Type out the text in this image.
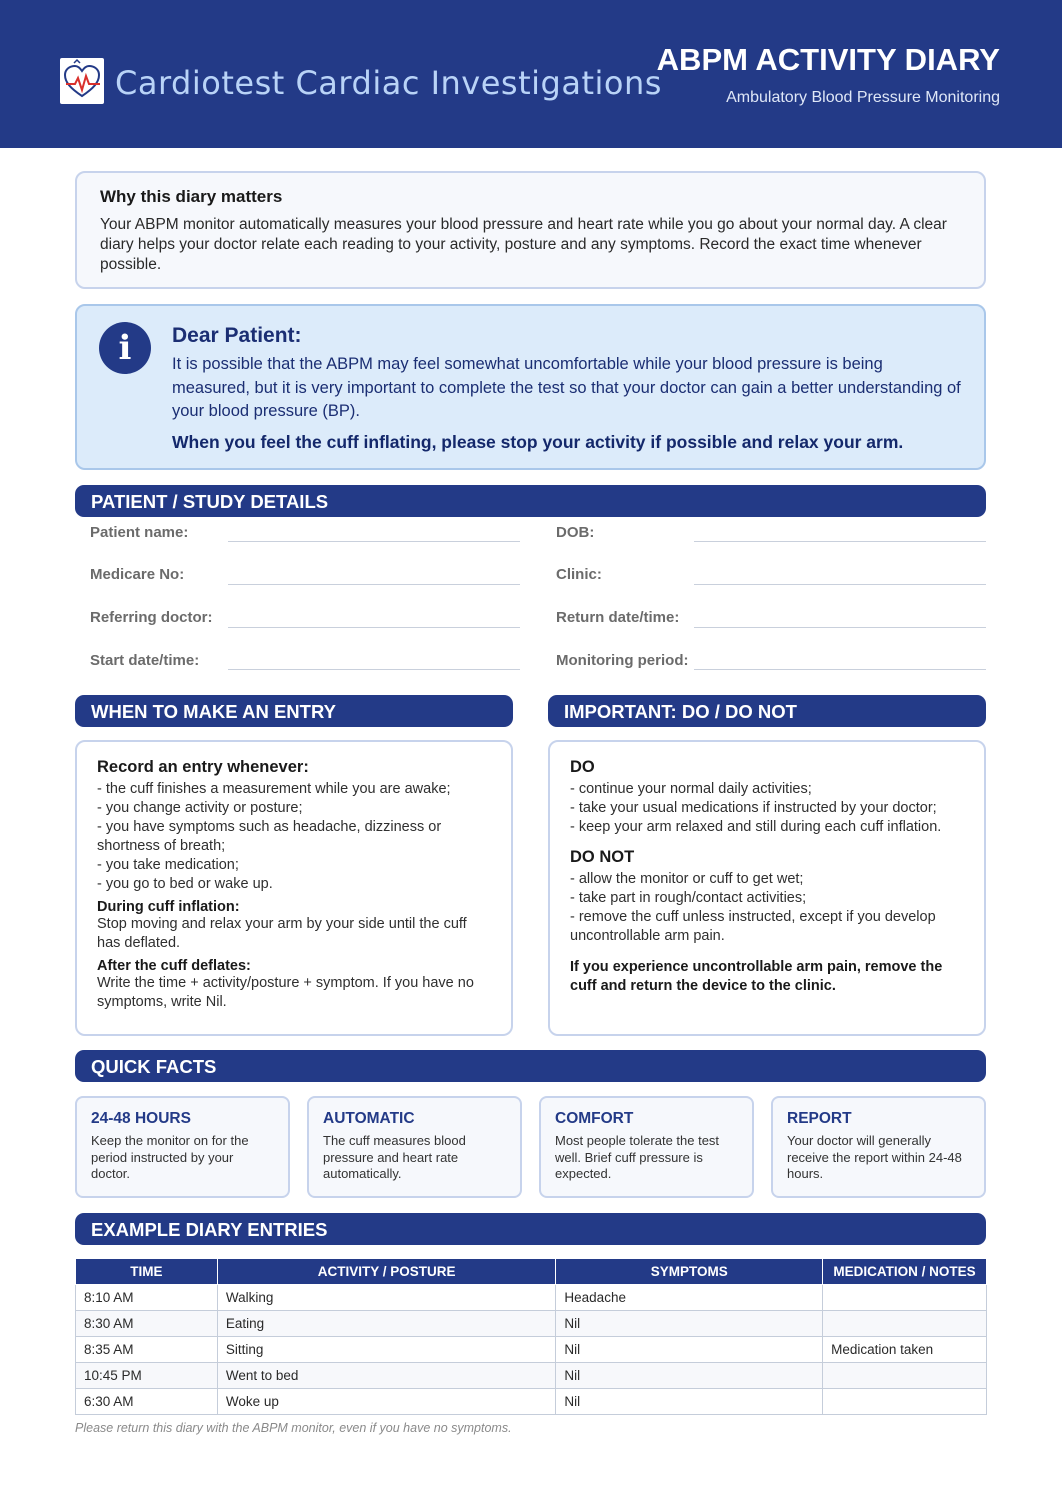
Cardiotest Cardiac Investigations
ABPM ACTIVITY DIARY
Ambulatory Blood Pressure Monitoring
Why this diary matters
Your ABPM monitor automatically measures your blood pressure and heart rate while you go about your normal day. A clear diary helps your doctor relate each reading to your activity, posture and any symptoms. Record the exact time whenever possible.
i	Dear Patient:
It is possible that the ABPM may feel somewhat uncomfortable while your blood pressure is being measured, but it is very important to complete the test so that your doctor can gain a better understanding of your blood pressure (BP).
When you feel the cuff inflating, please stop your activity if possible and relax your arm.
PATIENT / STUDY DETAILS
Patient name:	DOB:
Medicare No:	Clinic:
Referring doctor:	Return date/time:
Start date/time:	Monitoring period:
WHEN TO MAKE AN ENTRY	IMPORTANT: DO / DO NOT
Record an entry whenever:
- the cuff finishes a measurement while you are awake;
- you change activity or posture;
- you have symptoms such as headache, dizziness or shortness of breath;
- you take medication;
- you go to bed or wake up.
During cuff inflation:
Stop moving and relax your arm by your side until the cuff has deflated.
After the cuff deflates:
Write the time + activity/posture + symptom. If you have no symptoms, write Nil.
DO
- continue your normal daily activities;
- take your usual medications if instructed by your doctor;
- keep your arm relaxed and still during each cuff inflation.
DO NOT
- allow the monitor or cuff to get wet;
- take part in rough/contact activities;
- remove the cuff unless instructed, except if you develop uncontrollable arm pain.
If you experience uncontrollable arm pain, remove the cuff and return the device to the clinic.
QUICK FACTS
24-48 HOURS
Keep the monitor on for the period instructed by your doctor.
AUTOMATIC
The cuff measures blood pressure and heart rate automatically.
COMFORT
Most people tolerate the test well. Brief cuff pressure is expected.
REPORT
Your doctor will generally receive the report within 24-48 hours.
EXAMPLE DIARY ENTRIES
TIME	ACTIVITY / POSTURE	SYMPTOMS	MEDICATION / NOTES
8:10 AM	Walking	Headache	
8:30 AM	Eating	Nil	
8:35 AM	Sitting	Nil	Medication taken
10:45 PM	Went to bed	Nil	
6:30 AM	Woke up	Nil	
Please return this diary with the ABPM monitor, even if you have no symptoms.
